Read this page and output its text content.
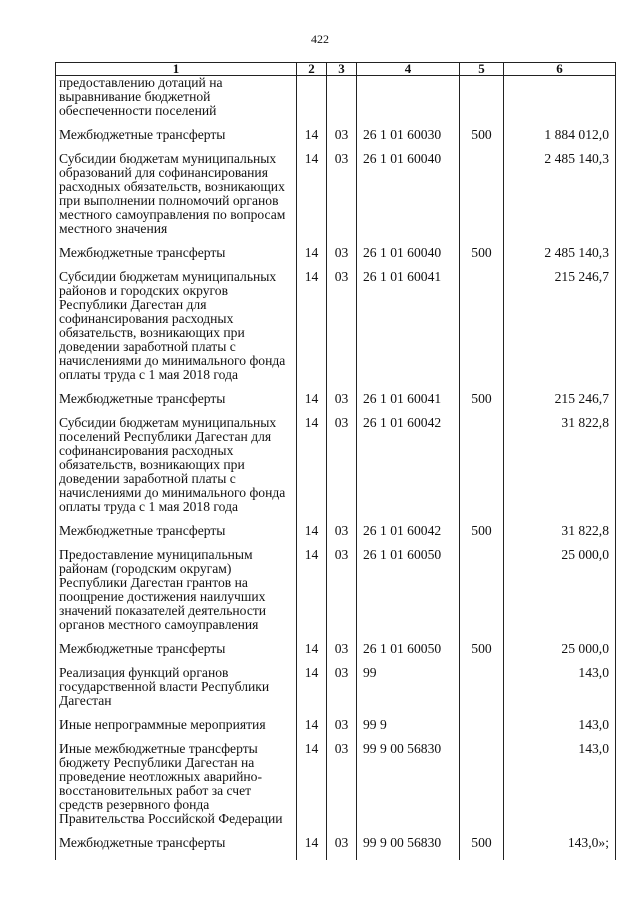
422
1	2	3	4	5	6
предоставлению дотаций на выравнивание бюджетной обеспеченности поселений					
Межбюджетные трансферты	14	03	26 1 01 60030	500	1 884 012,0
Субсидии бюджетам муниципальных образований для софинансирования расходных обязательств, возникающих при выполнении полномочий органов местного самоуправления по вопросам местного значения	14	03	26 1 01 60040		2 485 140,3
Межбюджетные трансферты	14	03	26 1 01 60040	500	2 485 140,3
Субсидии бюджетам муниципальных районов и городских округов Республики Дагестан для софинансирования расходных обязательств, возникающих при доведении заработной платы с начислениями до минимального фонда оплаты труда с 1 мая 2018 года	14	03	26 1 01 60041		215 246,7
Межбюджетные трансферты	14	03	26 1 01 60041	500	215 246,7
Субсидии бюджетам муниципальных поселений Республики Дагестан для софинансирования расходных обязательств, возникающих при доведении заработной платы с начислениями до минимального фонда оплаты труда с 1 мая 2018 года	14	03	26 1 01 60042		31 822,8
Межбюджетные трансферты	14	03	26 1 01 60042	500	31 822,8
Предоставление муниципальным районам (городским округам) Республики Дагестан грантов на поощрение достижения наилучших значений показателей деятельности органов местного самоуправления	14	03	26 1 01 60050		25 000,0
Межбюджетные трансферты	14	03	26 1 01 60050	500	25 000,0
Реализация функций органов государственной власти Республики Дагестан	14	03	99		143,0
Иные непрограммные мероприятия	14	03	99 9		143,0
Иные межбюджетные трансферты бюджету Республики Дагестан на проведение неотложных аварийно-восстановительных работ за счет средств резервного фонда Правительства Российской Федерации	14	03	99 9 00 56830		143,0
Межбюджетные трансферты	14	03	99 9 00 56830	500	143,0»;
